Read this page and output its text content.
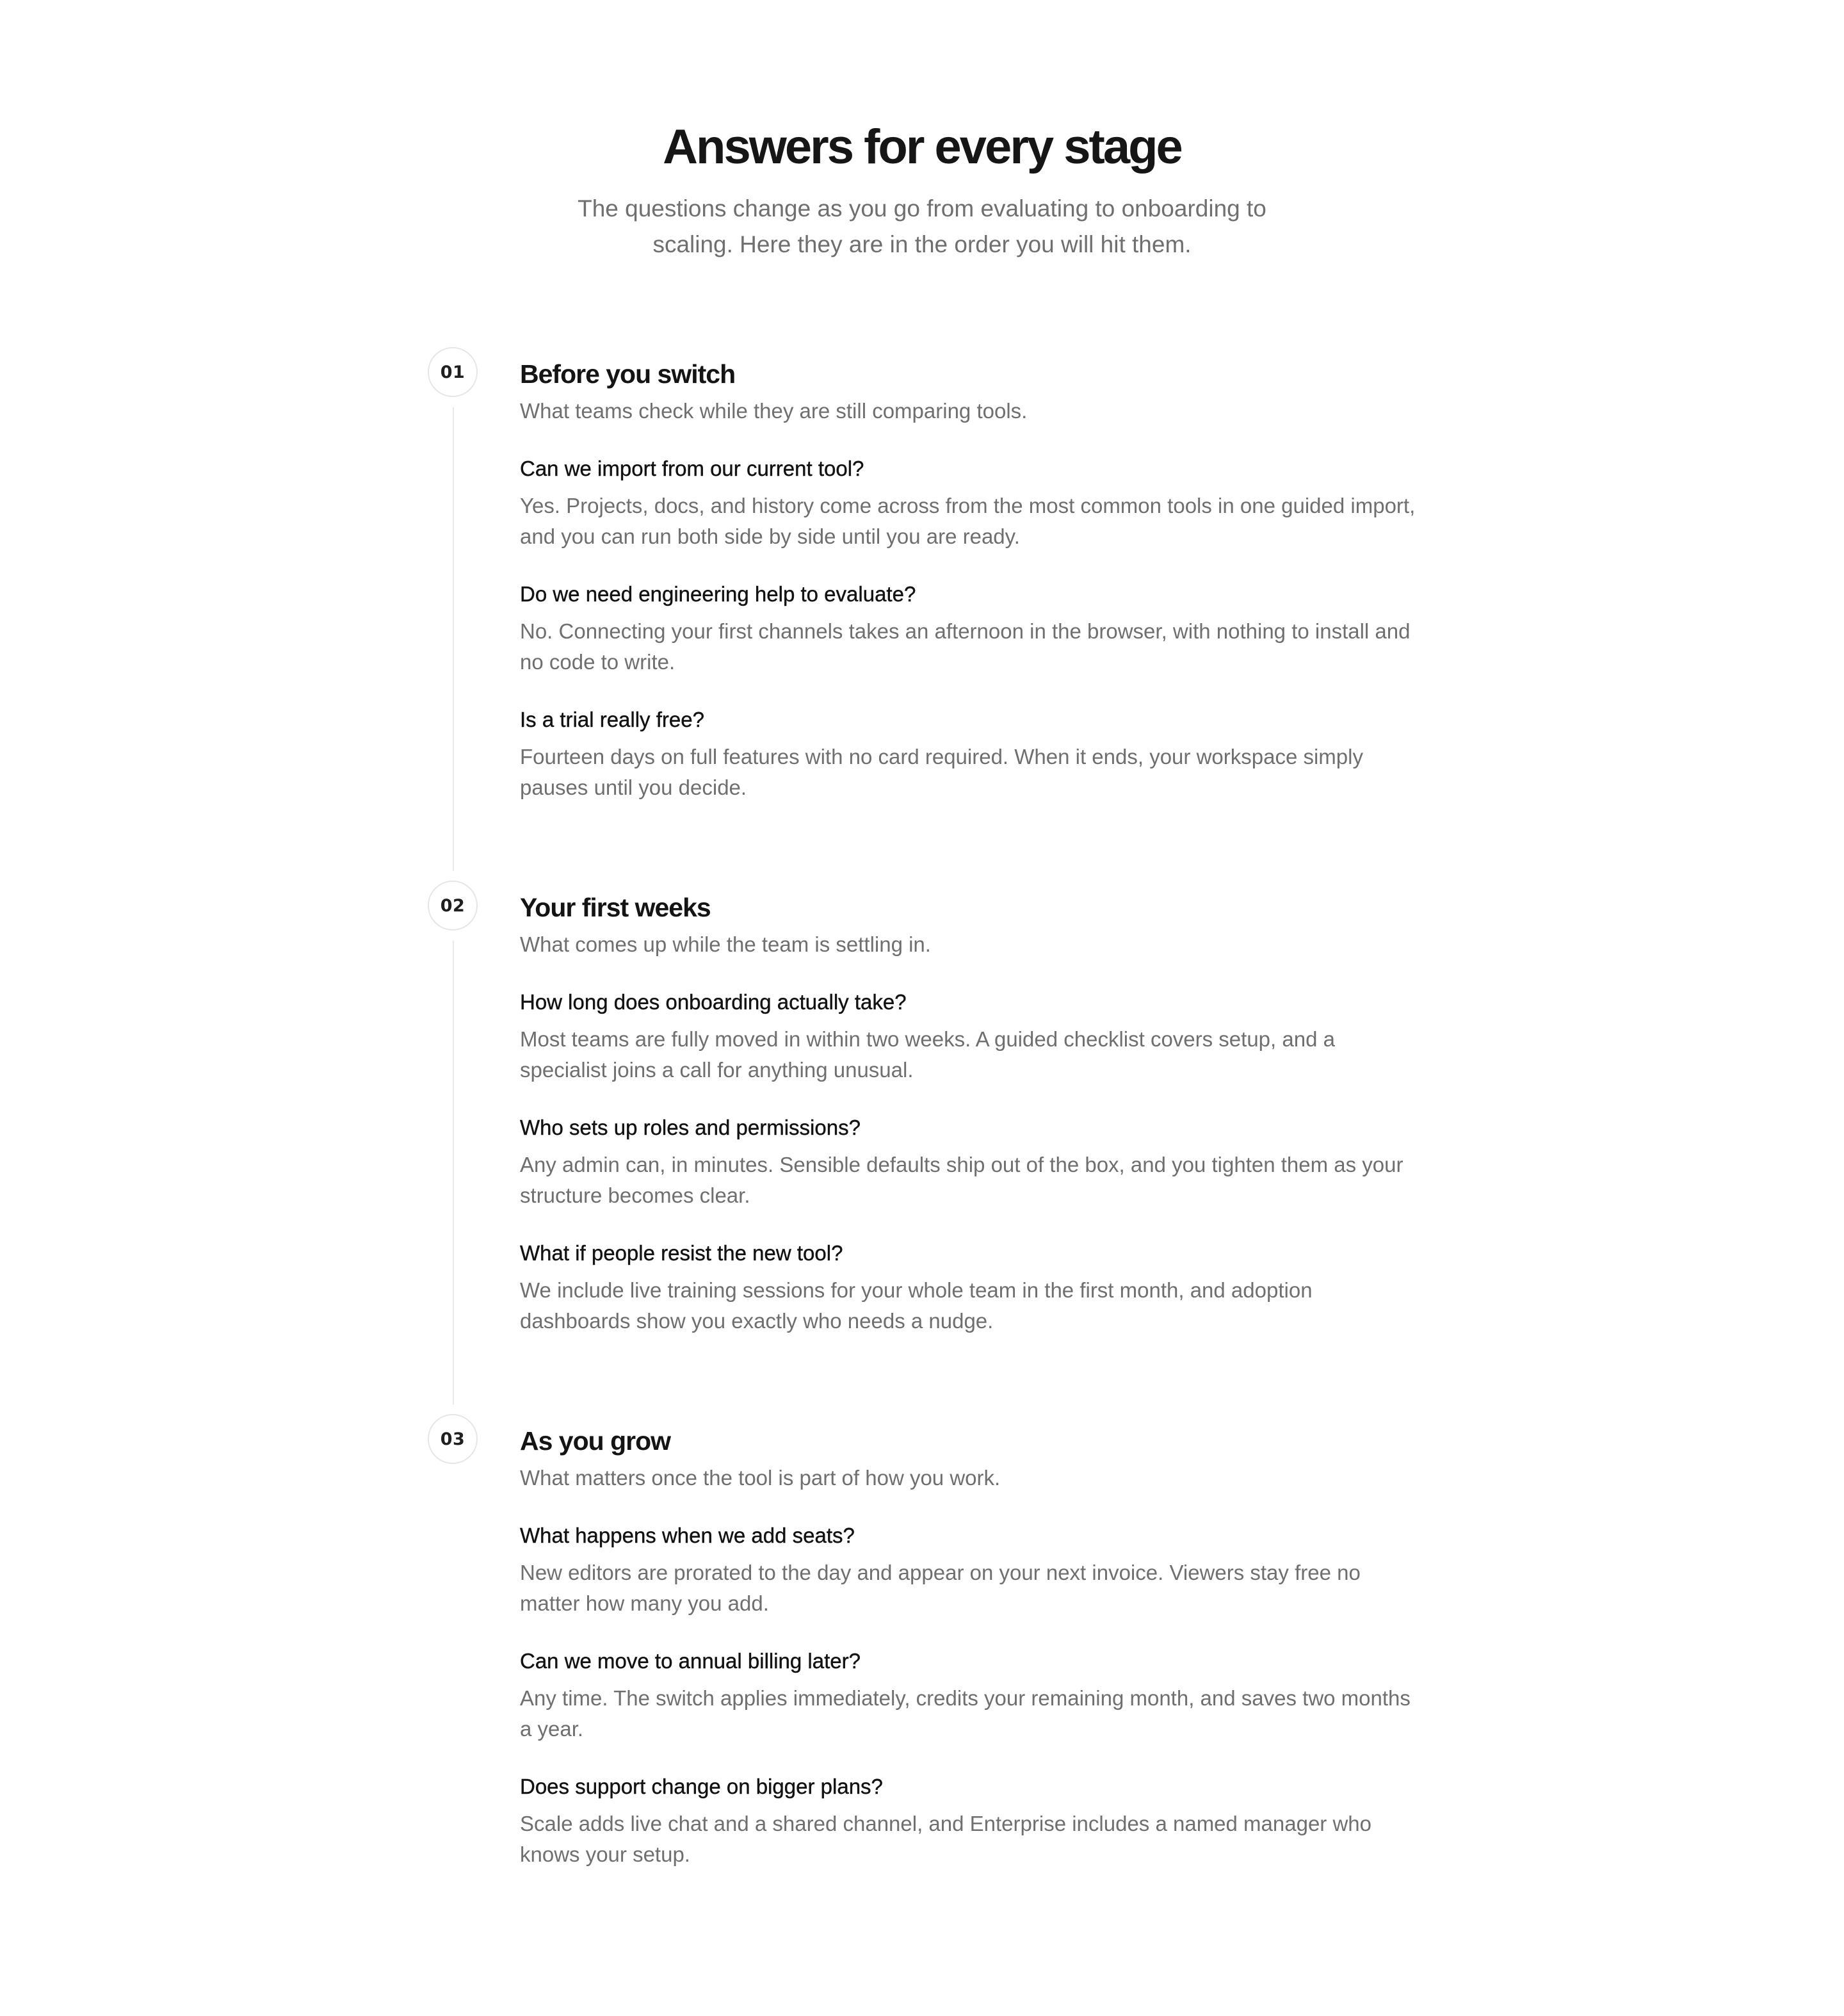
Answers for every stage

The questions change as you go from evaluating to onboarding to scaling. Here they are in the order you will hit them.

01	Before you switch

What teams check while they are still comparing tools.

Can we import from our current tool?

Yes. Projects, docs, and history come across from the most common tools in one guided import, and you can run both side by side until you are ready.

Do we need engineering help to evaluate?

No. Connecting your first channels takes an afternoon in the browser, with nothing to install and no code to write.

Is a trial really free?

Fourteen days on full features with no card required. When it ends, your workspace simply pauses until you decide.

02	Your first weeks

What comes up while the team is settling in.

How long does onboarding actually take?

Most teams are fully moved in within two weeks. A guided checklist covers setup, and a specialist joins a call for anything unusual.

Who sets up roles and permissions?

Any admin can, in minutes. Sensible defaults ship out of the box, and you tighten them as your structure becomes clear.

What if people resist the new tool?

We include live training sessions for your whole team in the first month, and adoption dashboards show you exactly who needs a nudge.

03	As you grow

What matters once the tool is part of how you work.

What happens when we add seats?

New editors are prorated to the day and appear on your next invoice. Viewers stay free no matter how many you add.

Can we move to annual billing later?

Any time. The switch applies immediately, credits your remaining month, and saves two months a year.

Does support change on bigger plans?

Scale adds live chat and a shared channel, and Enterprise includes a named manager who knows your setup.
